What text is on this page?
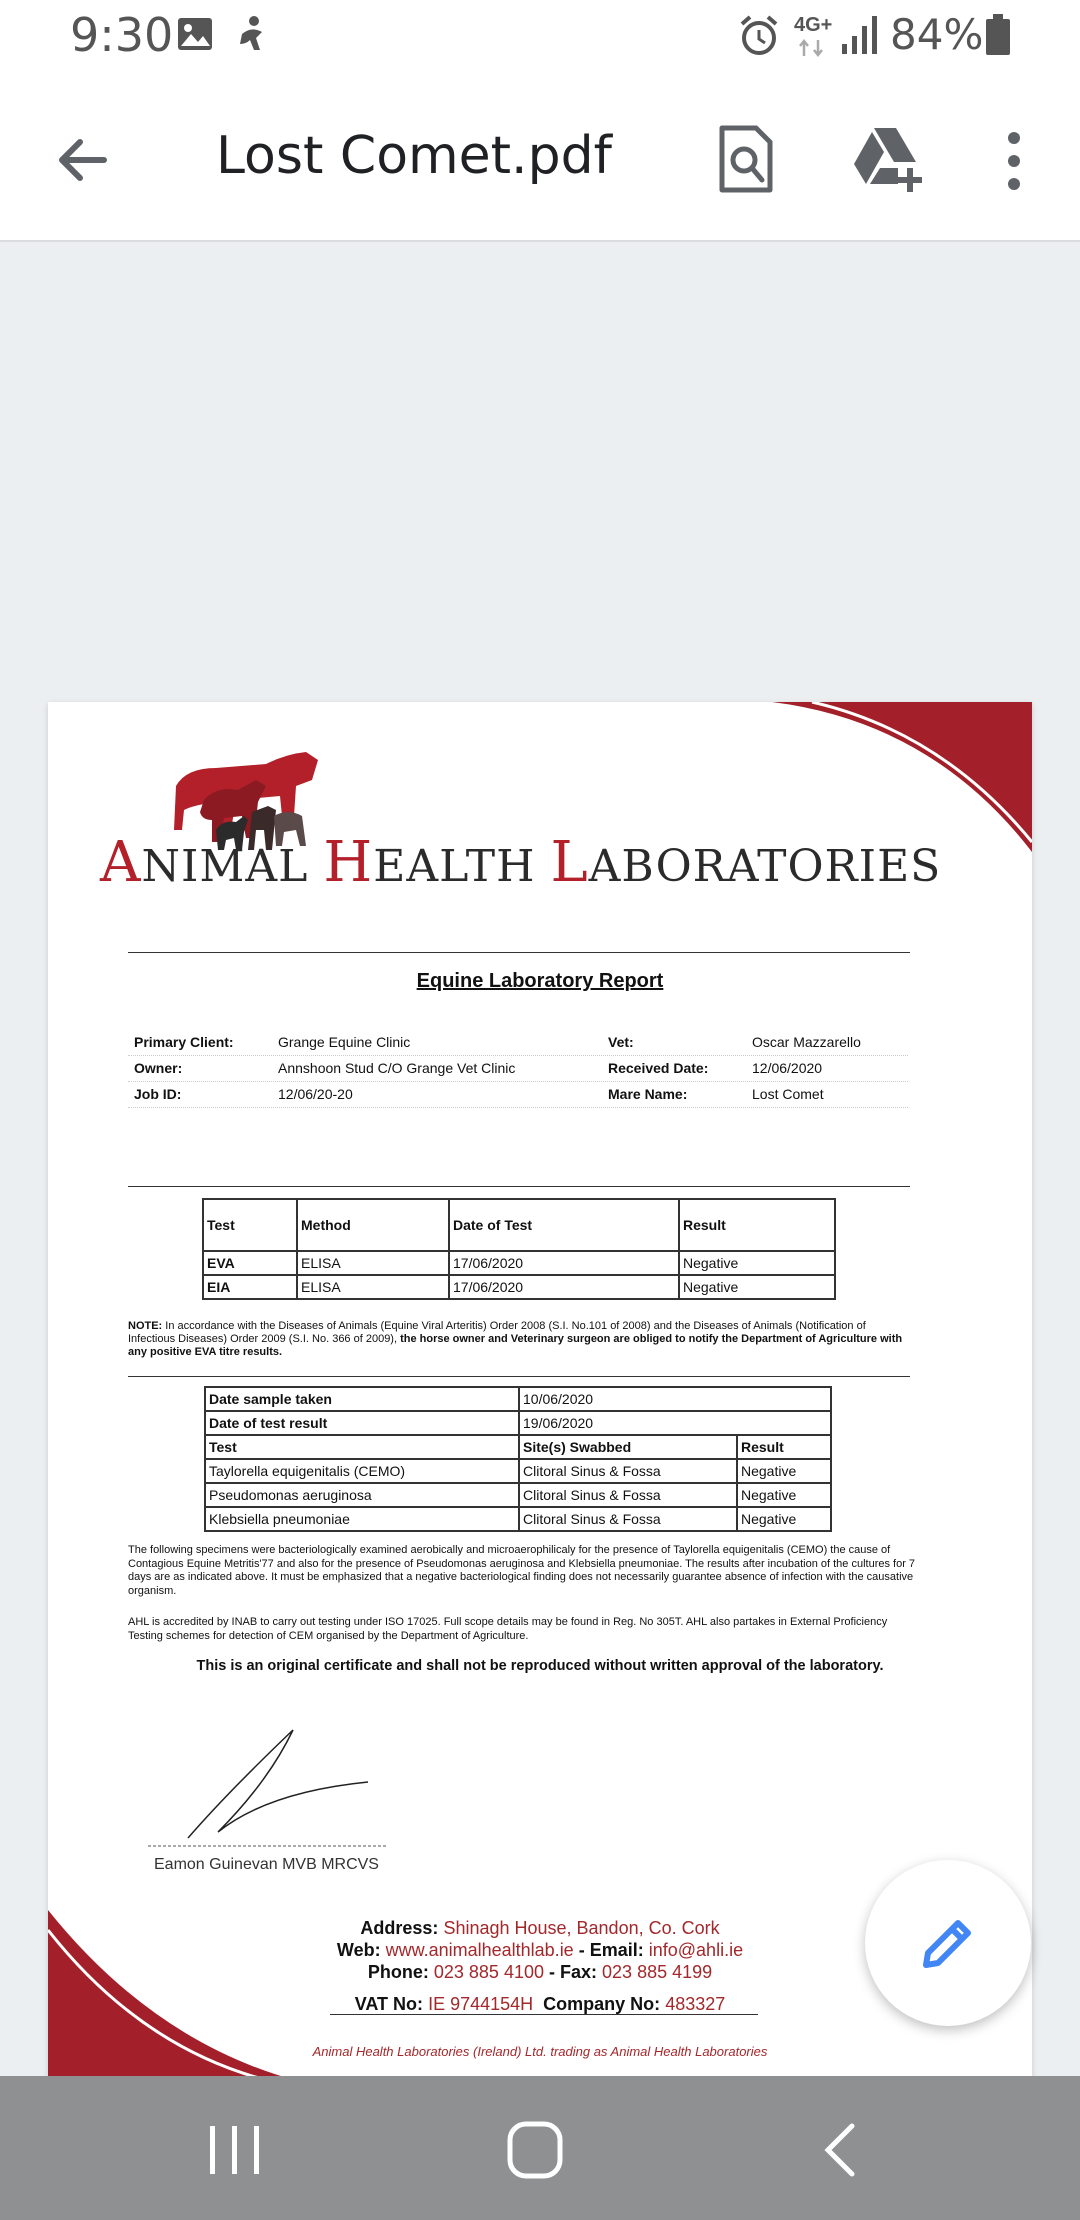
9:30	4G+ 84%
Lost Comet.pdf
ANIMAL HEALTH LABORATORIES
Equine Laboratory Report
Primary Client:	Grange Equine Clinic	Vet:	Oscar Mazzarello
Owner:	Annshoon Stud C/O Grange Vet Clinic	Received Date:	12/06/2020
Job ID:	12/06/20-20	Mare Name:	Lost Comet
Test	Method	Date of Test	Result
EVA	ELISA	17/06/2020	Negative
EIA	ELISA	17/06/2020	Negative
NOTE: In accordance with the Diseases of Animals (Equine Viral Arteritis) Order 2008 (S.I. No.101 of 2008) and the Diseases of Animals (Notification of Infectious Diseases) Order 2009 (S.I. No. 366 of 2009), the horse owner and Veterinary surgeon are obliged to notify the Department of Agriculture with any positive EVA titre results.
Date sample taken	10/06/2020	
Date of test result	19/06/2020	
Test	Site(s) Swabbed	Result
Taylorella equigenitalis (CEMO)	Clitoral Sinus & Fossa	Negative
Pseudomonas aeruginosa	Clitoral Sinus & Fossa	Negative
Klebsiella pneumoniae	Clitoral Sinus & Fossa	Negative
The following specimens were bacteriologically examined aerobically and microaerophilicaly for the presence of Taylorella equigenitalis (CEMO) the cause of Contagious Equine Metritis'77 and also for the presence of Pseudomonas aeruginosa and Klebsiella pneumoniae. The results after incubation of the cultures for 7 days are as indicated above. It must be emphasized that a negative bacteriological finding does not necessarily guarantee absence of infection with the causative organism.
AHL is accredited by INAB to carry out testing under ISO 17025. Full scope details may be found in Reg. No 305T. AHL also partakes in External Proficiency Testing schemes for detection of CEM organised by the Department of Agriculture.
This is an original certificate and shall not be reproduced without written approval of the laboratory.
Eamon Guinevan MVB MRCVS
Address: Shinagh House, Bandon, Co. Cork
Web: www.animalhealthlab.ie - Email: info@ahli.ie
Phone: 023 885 4100 - Fax: 023 885 4199
VAT No: IE 9744154H Company No: 483327
Animal Health Laboratories (Ireland) Ltd. trading as Animal Health Laboratories
